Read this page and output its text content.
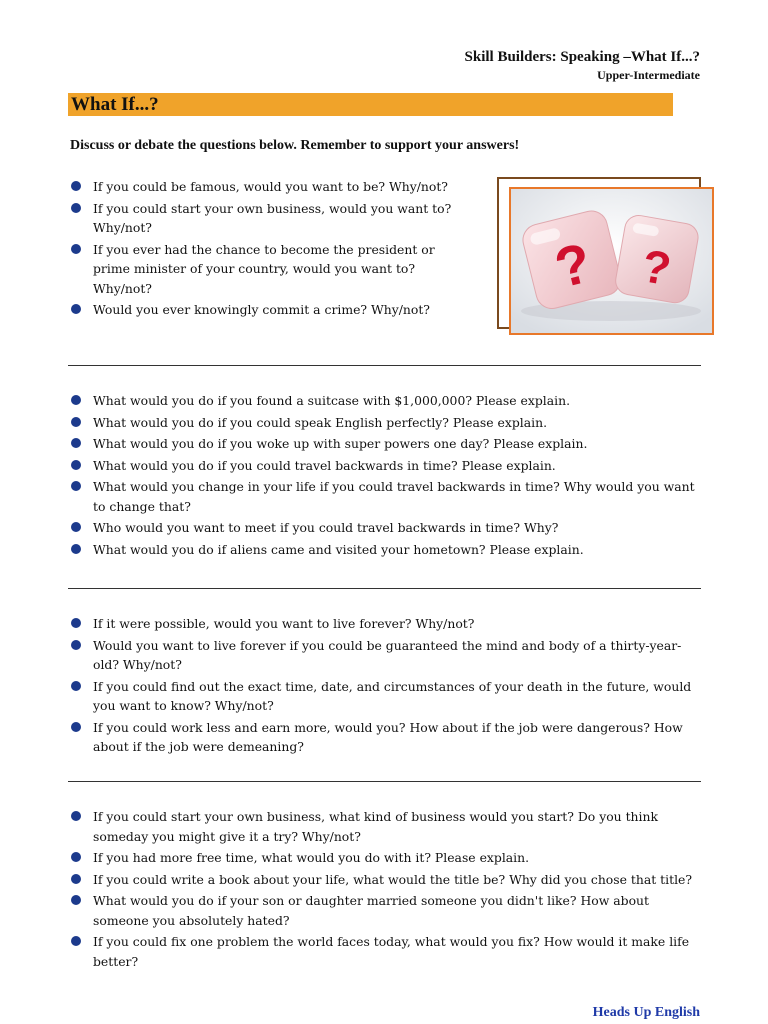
Skill Builders: Speaking –What If...?
Upper-Intermediate
What If...?
Discuss or debate the questions below. Remember to support your answers!
If you could be famous, would you want to be? Why/not?
If you could start your own business, would you want to? Why/not?
If you ever had the chance to become the president or prime minister of your country, would you want to? Why/not?
Would you ever knowingly commit a crime? Why/not?
? ?
What would you do if you found a suitcase with $1,000,000? Please explain.
What would you do if you could speak English perfectly? Please explain.
What would you do if you woke up with super powers one day? Please explain.
What would you do if you could travel backwards in time? Please explain.
What would you change in your life if you could travel backwards in time? Why would you want to change that?
Who would you want to meet if you could travel backwards in time? Why?
What would you do if aliens came and visited your hometown? Please explain.
If it were possible, would you want to live forever? Why/not?
Would you want to live forever if you could be guaranteed the mind and body of a thirty-year-old? Why/not?
If you could find out the exact time, date, and circumstances of your death in the future, would you want to know? Why/not?
If you could work less and earn more, would you? How about if the job were dangerous? How about if the job were demeaning?
If you could start your own business, what kind of business would you start? Do you think someday you might give it a try? Why/not?
If you had more free time, what would you do with it? Please explain.
If you could write a book about your life, what would the title be? Why did you chose that title?
What would you do if your son or daughter married someone you didn't like? How about someone you absolutely hated?
If you could fix one problem the world faces today, what would you fix? How would it make life better?
Heads Up English
